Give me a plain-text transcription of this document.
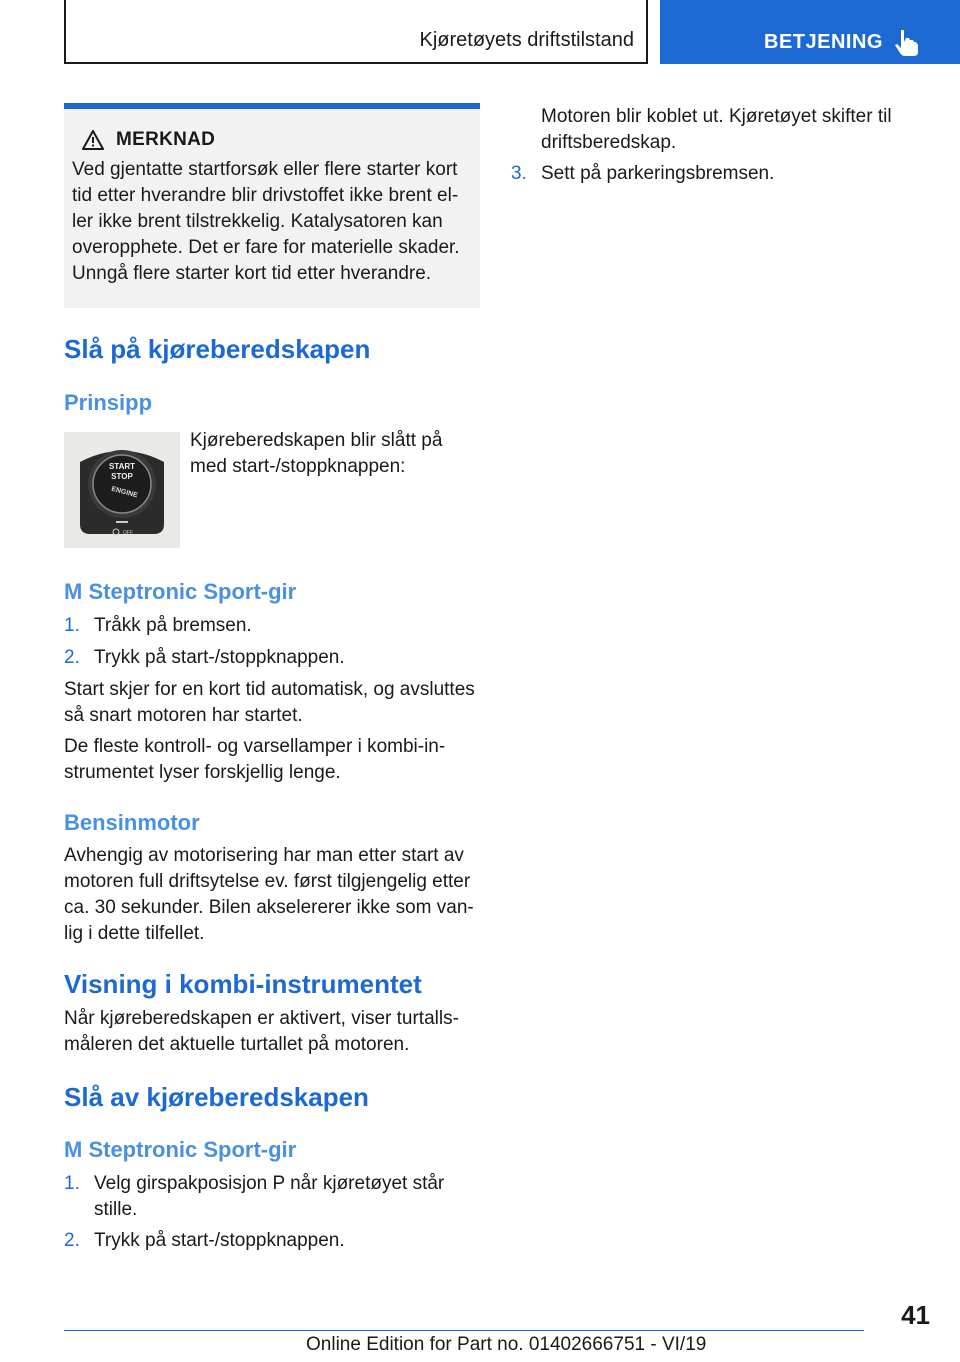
Kjøretøyets driftstilstand	BETJENING
MERKNAD
Ved gjentatte startforsøk eller flere starter kort
tid etter hverandre blir drivstoffet ikke brent el‐
ler ikke brent tilstrekkelig. Katalysatoren kan
overopphete. Det er fare for materielle skader.
Unngå flere starter kort tid etter hverandre.
Slå på kjøreberedskapen
Prinsipp
START
STOP
ENGINE
OFF
Kjøreberedskapen blir slått på
med start-/stoppknappen:
M Steptronic Sport-gir
1. Tråkk på bremsen.
2. Trykk på start-/stoppknappen.
Start skjer for en kort tid automatisk, og avsluttes
så snart motoren har startet.
De fleste kontroll- og varsellamper i kombi-in‐
strumentet lyser forskjellig lenge.
Bensinmotor
Avhengig av motorisering har man etter start av
motoren full driftsytelse ev. først tilgjengelig etter
ca. 30 sekunder. Bilen akselererer ikke som van‐
lig i dette tilfellet.
Visning i kombi-instrumentet
Når kjøreberedskapen er aktivert, viser turtalls‐
måleren det aktuelle turtallet på motoren.
Slå av kjøreberedskapen
M Steptronic Sport-gir
1. Velg girspakposisjon P når kjøretøyet står
stille.
2. Trykk på start-/stoppknappen.
Motoren blir koblet ut. Kjøretøyet skifter til
driftsberedskap.
3. Sett på parkeringsbremsen.
41
Online Edition for Part no. 01402666751 - VI/19
